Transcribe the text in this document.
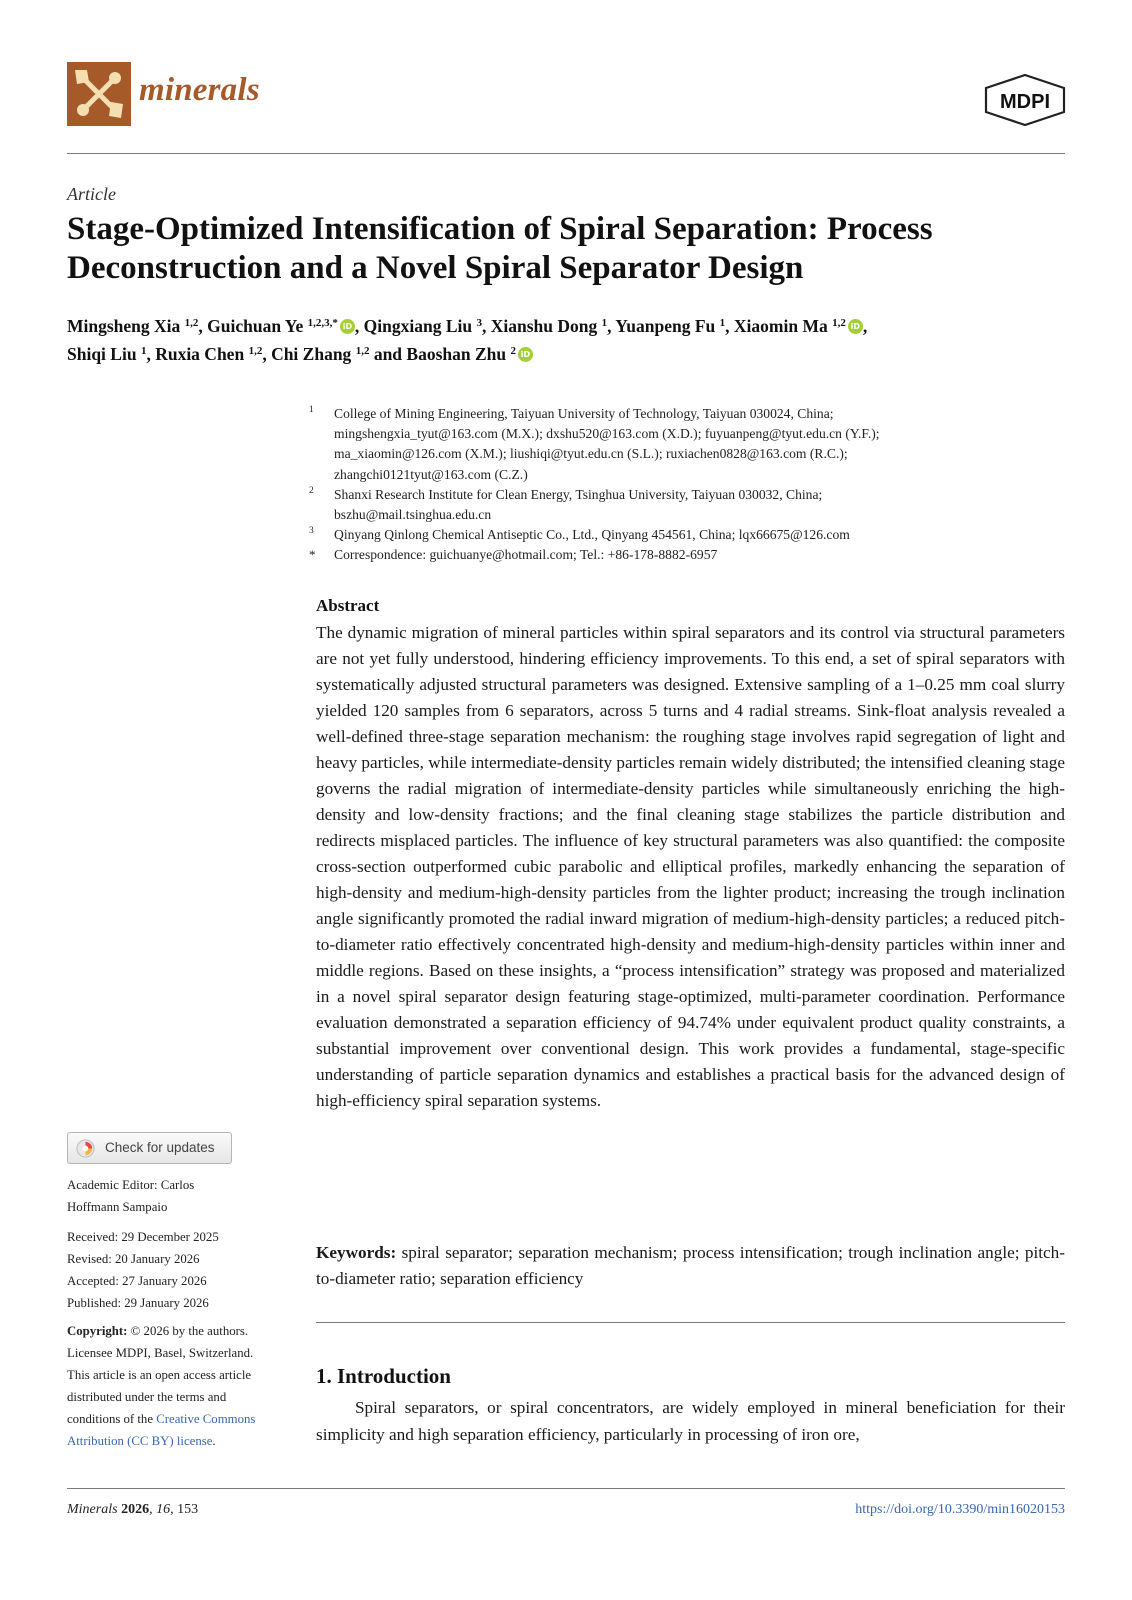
minerals	MDPI
Article
Stage-Optimized Intensification of Spiral Separation: Process Deconstruction and a Novel Spiral Separator Design
Mingsheng Xia $^{1,2}$, Guichuan Ye $^{1,2,3,*}$ iD , Qingxiang Liu $^3$, Xianshu Dong $^1$, Yuanpeng Fu $^1$, Xiaomin Ma $^{1,2}$ iD ,
Shiqi Liu $^1$, Ruxia Chen $^{1,2}$, Chi Zhang $^{1,2}$ and Baoshan Zhu $^2$ iD
1 College of Mining Engineering, Taiyuan University of Technology, Taiyuan 030024, China;
mingshengxia_tyut@163.com (M.X.); dxshu520@163.com (X.D.); fuyuanpeng@tyut.edu.cn (Y.F.);
ma_xiaomin@126.com (X.M.); liushiqi@tyut.edu.cn (S.L.); ruxiachen0828@163.com (R.C.);
zhangchi0121tyut@163.com (C.Z.)
2 Shanxi Research Institute for Clean Energy, Tsinghua University, Taiyuan 030032, China;
bszhu@mail.tsinghua.edu.cn
3 Qinyang Qinlong Chemical Antiseptic Co., Ltd., Qinyang 454561, China; lqx66675@126.com
* Correspondence: guichuanye@hotmail.com; Tel.: +86-178-8882-6957
Abstract
The dynamic migration of mineral particles within spiral separators and its control via structural parameters are not yet fully understood, hindering efficiency improvements. To this end, a set of spiral separators with systematically adjusted structural parameters was designed. Extensive sampling of a 1–0.25 mm coal slurry yielded 120 samples from 6 separators, across 5 turns and 4 radial streams. Sink-float analysis revealed a well-defined three-stage separation mechanism: the roughing stage involves rapid segregation of light and heavy particles, while intermediate-density particles remain widely distributed; the intensified cleaning stage governs the radial migration of intermediate-density particles while simultaneously enriching the high-density and low-density fractions; and the final cleaning stage stabilizes the particle distribution and redirects misplaced particles. The influence of key structural parameters was also quantified: the composite cross-section outperformed cubic parabolic and elliptical profiles, markedly enhancing the separation of high-density and medium-high-density particles from the lighter product; increasing the trough inclination angle significantly promoted the radial inward migration of medium-high-density particles; a reduced pitch-to-diameter ratio effectively concentrated high-density and medium-high-density particles within inner and middle regions. Based on these insights, a “process intensification” strategy was proposed and materialized in a novel spiral separator design featuring stage-optimized, multi-parameter coordination. Performance evaluation demonstrated a separation efficiency of 94.74% under equivalent product quality constraints, a substantial improvement over conventional design. This work provides a fundamental, stage-specific understanding of particle separation dynamics and establishes a practical basis for the advanced design of high-efficiency spiral separation systems.
Keywords: spiral separator; separation mechanism; process intensification; trough inclination angle; pitch-to-diameter ratio; separation efficiency
1. Introduction
Spiral separators, or spiral concentrators, are widely employed in mineral beneficiation for their simplicity and high separation efficiency, particularly in processing of iron ore,
Check for updates
Academic Editor: Carlos
Hoffmann Sampaio
Received: 29 December 2025
Revised: 20 January 2026
Accepted: 27 January 2026
Published: 29 January 2026
Copyright: © 2026 by the authors.
Licensee MDPI, Basel, Switzerland.
This article is an open access article
distributed under the terms and
conditions of the Creative Commons
Attribution (CC BY) license.
Minerals 2026, 16, 153	https://doi.org/10.3390/min16020153
